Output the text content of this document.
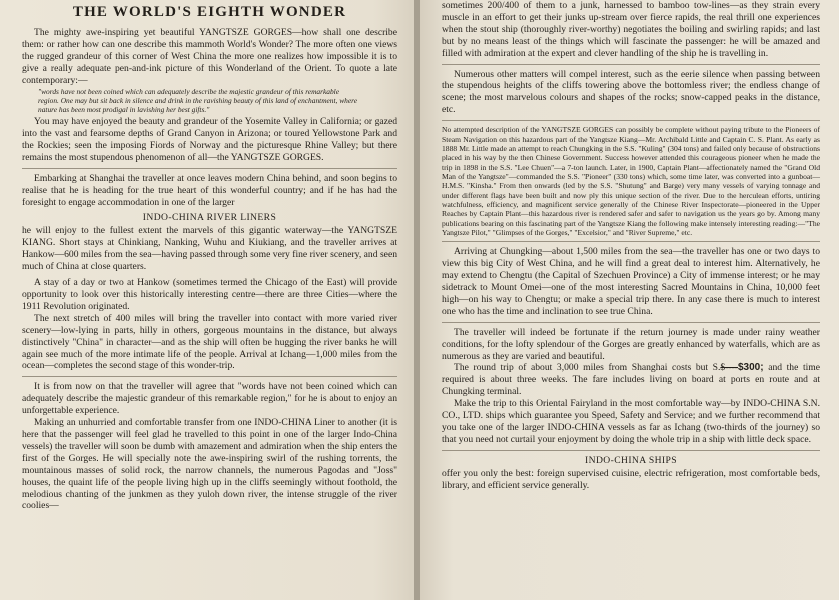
THE WORLD'S EIGHTH WONDER

The mighty awe-inspiring yet beautiful YANGTSZE GORGES—how shall one describe them: or rather how can one describe this mammoth World's Wonder? The more often one views the rugged grandeur of this corner of West China the more one realizes how impossible it is to give a really adequate pen-and-ink picture of this Wonderland of the Orient. To quote a late contemporary:—

"words have not been coined which can adequately describe the majestic grandeur of this remarkable region. One may but sit back in silence and drink in the ravishing beauty of this land of enchantment, where nature has been most prodigal in lavishing her best gifts."

You may have enjoyed the beauty and grandeur of the Yosemite Valley in California; or gazed into the vast and fearsome depths of Grand Canyon in Arizona; or toured Yellowstone Park and the Rockies; seen the imposing Fiords of Norway and the picturesque Rhine Valley; but there remains the most stupendous phenomenon of all—the YANGTSZE GORGES.

Embarking at Shanghai the traveller at once leaves modern China behind, and soon begins to realise that he is heading for the true heart of this wonderful country; and if he has had the foresight to engage accommodation in one of the larger

INDO-CHINA RIVER LINERS

he will enjoy to the fullest extent the marvels of this gigantic waterway—the YANGTSZE KIANG. Short stays at Chinkiang, Nanking, Wuhu and Kiukiang, and the traveller arrives at Hankow—600 miles from the sea—having passed through some very fine river scenery, and seen much of China at close quarters.

A stay of a day or two at Hankow (sometimes termed the Chicago of the East) will provide opportunity to look over this historically interesting centre—there are three Cities—where the 1911 Revolution originated.

The next stretch of 400 miles will bring the traveller into contact with more varied river scenery—low-lying in parts, hilly in others, gorgeous mountains in the distance, but always distinctively "China" in character—and as the ship will often be hugging the river banks he will again see much of the more intimate life of the people. Arrival at Ichang—1,000 miles from the ocean—completes the second stage of this wonder-trip.

It is from now on that the traveller will agree that "words have not been coined which can adequately describe the majestic grandeur of this remarkable region," for he is about to enjoy an unforgettable experience.

Making an unhurried and comfortable transfer from one INDO-CHINA Liner to another (it is here that the passenger will feel glad he travelled to this point in one of the larger Indo-China vessels) the traveller will soon be dumb with amazement and admiration when the ship enters the first of the Gorges. He will specially note the awe-inspiring swirl of the rushing torrents, the mountainous masses of solid rock, the narrow channels, the numerous Pagodas and "Joss" houses, the quaint life of the people living high up in the cliffs seemingly without foothold, the melodious chanting of the junkmen as they yuloh down river, the intense struggle of the river coolies—

sometimes 200/400 of them to a junk, harnessed to bamboo tow-lines—as they strain every muscle in an effort to get their junks up-stream over fierce rapids, the real thrill one experiences when the stout ship (thoroughly river-worthy) negotiates the boiling and swirling rapids; and last but by no means least of the things which will fascinate the passenger: he will be amazed and filled with admiration at the expert and clever handling of the ship he is travelling in.

Numerous other matters will compel interest, such as the eerie silence when passing between the stupendous heights of the cliffs towering above the bottomless river; the endless change of scene; the most marvelous colours and shapes of the rocks; snow-capped peaks in the distance, etc.

No attempted description of the YANGTSZE GORGES can possibly be complete without paying tribute to the Pioneers of Steam Navigation on this hazardous part of the Yangtsze Kiang—Mr. Archibald Little and Captain C. S. Plant. As early as 1888 Mr. Little made an attempt to reach Chungking in the S.S. "Kuling" (304 tons) and failed only because of obstructions placed in his way by the then Chinese Government. Success however attended this courageous pioneer when he made the trip in 1898 in the S.S. "Lee Chuen"—a 7-ton launch. Later, in 1900, Captain Plant—affectionately named the "Grand Old Man of the Yangtsze"—commanded the S.S. "Pioneer" (330 tons) which, some time later, was converted into a gunboat—H.M.S. "Kinsha." From then onwards (led by the S.S. "Shutung" and Barge) very many vessels of varying tonnage and under different flags have been built and now ply this unique section of the river. Due to the herculean efforts, untiring watchfulness, efficiency, and magnificent service generally of the Chinese River Inspectorate—pioneered in the Upper Reaches by Captain Plant—this hazardous river is rendered safer and safer to navigation us the years go by. Among many publications bearing on this fascinating part of the Yangtsze Kiang the following make intensely interesting reading:—"The Yangtsze Pilot," "Glimpses of the Gorges," "Excelsior," and "River Supreme," etc.

Arriving at Chungking—about 1,500 miles from the sea—the traveller has one or two days to view this big City of West China, and he will find a great deal to interest him. Alternatively, he may extend to Chengtu (the Capital of Szechuen Province) a City of immense interest; or he may sidetrack to Mount Omei—one of the most interesting Sacred Mountains in China, 10,000 feet high—on his way to Chengtu; or make a special trip there. In any case there is much to interest one who has the time and inclination to see true China.

The traveller will indeed be fortunate if the return journey is made under rainy weather conditions, for the lofty splendour of the Gorges are greatly enhanced by waterfalls, which are as numerous as they are varied and beautiful.

The round trip of about 3,000 miles from Shanghai costs but S.$----$300; and the time required is about three weeks. The fare includes living on board at ports en route and at Chungking terminal.

Make the trip to this Oriental Fairyland in the most comfortable way—by INDO-CHINA S.N. CO., LTD. ships which guarantee you Speed, Safety and Service; and we further recommend that you take one of the larger INDO-CHINA vessels as far as Ichang (two-thirds of the journey) so that you need not curtail your enjoyment by doing the whole trip in a ship with little deck space.

INDO-CHINA SHIPS

offer you only the best: foreign supervised cuisine, electric refrigeration, most comfortable beds, library, and efficient service generally.
